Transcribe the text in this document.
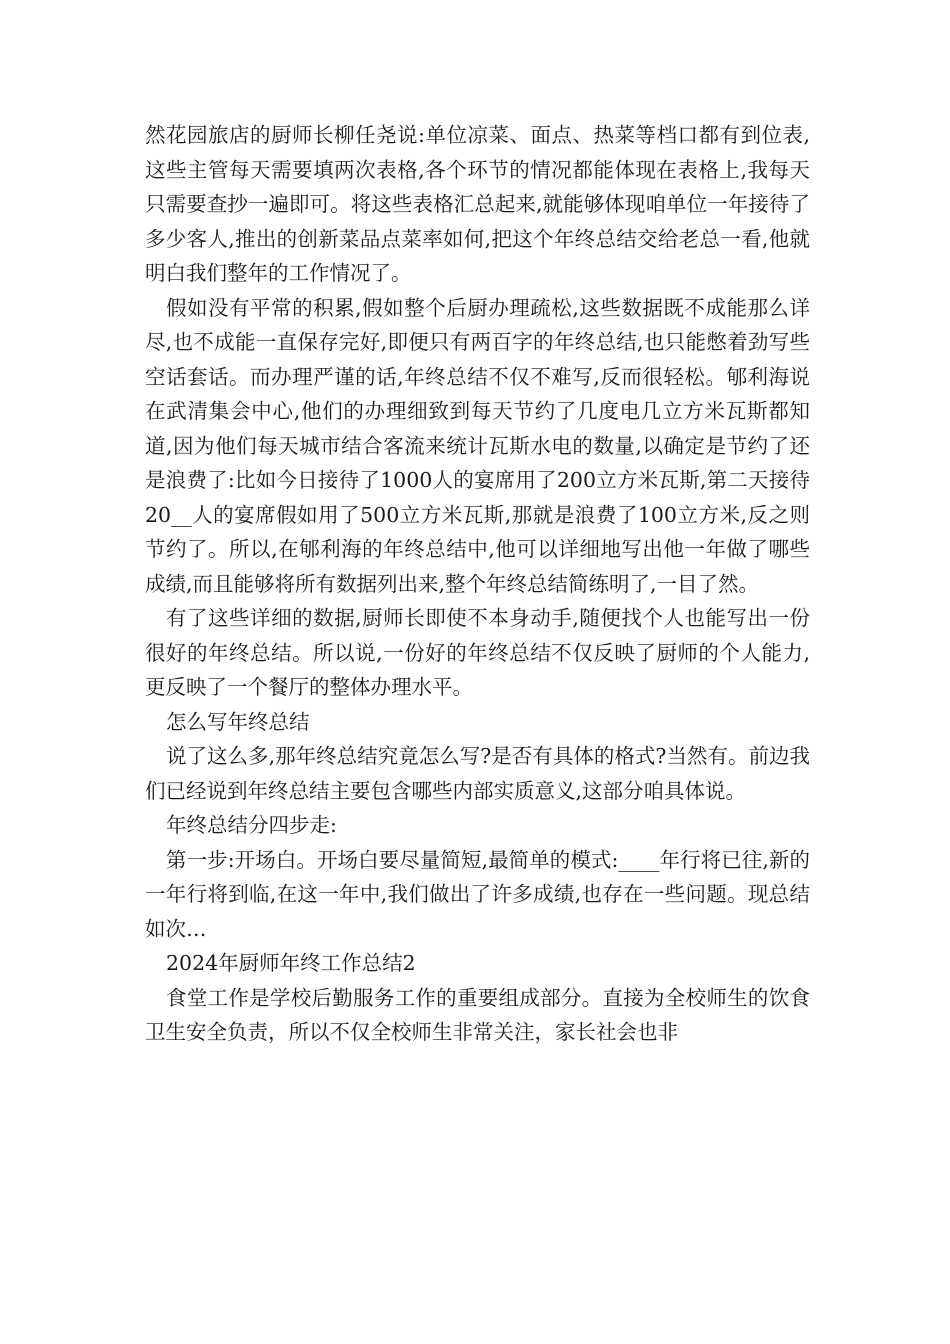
然花园旅店的厨师长柳任尧说:单位凉菜、面点、热菜等档口都有到位表,这些主管每天需要填两次表格,各个环节的情况都能体现在表格上,我每天只需要查抄一遍即可。将这些表格汇总起来,就能够体现咱单位一年接待了多少客人,推出的创新菜品点菜率如何,把这个年终总结交给老总一看,他就明白我们整年的工作情况了。

假如没有平常的积累,假如整个后厨办理疏松,这些数据既不成能那么详尽,也不成能一直保存完好,即便只有两百字的年终总结,也只能憋着劲写些空话套话。而办理严谨的话,年终总结不仅不难写,反而很轻松。郇利海说在武清集会中心,他们的办理细致到每天节约了几度电几立方米瓦斯都知道,因为他们每天城市结合客流来统计瓦斯水电的数量,以确定是节约了还是浪费了:比如今日接待了1000人的宴席用了200立方米瓦斯,第二天接待20__人的宴席假如用了500立方米瓦斯,那就是浪费了100立方米,反之则节约了。所以,在郇利海的年终总结中,他可以详细地写出他一年做了哪些成绩,而且能够将所有数据列出来,整个年终总结简练明了,一目了然。

有了这些详细的数据,厨师长即使不本身动手,随便找个人也能写出一份很好的年终总结。所以说,一份好的年终总结不仅反映了厨师的个人能力,更反映了一个餐厅的整体办理水平。

怎么写年终总结

说了这么多,那年终总结究竟怎么写?是否有具体的格式?当然有。前边我们已经说到年终总结主要包含哪些内部实质意义,这部分咱具体说。

年终总结分四步走:

第一步:开场白。开场白要尽量简短,最简单的模式:____年行将已往,新的一年行将到临,在这一年中,我们做出了许多成绩,也存在一些问题。现总结如次…

2024年厨师年终工作总结2

食堂工作是学校后勤服务工作的重要组成部分。直接为全校师生的饮食卫生安全负责，所以不仅全校师生非常关注，家长社会也非
